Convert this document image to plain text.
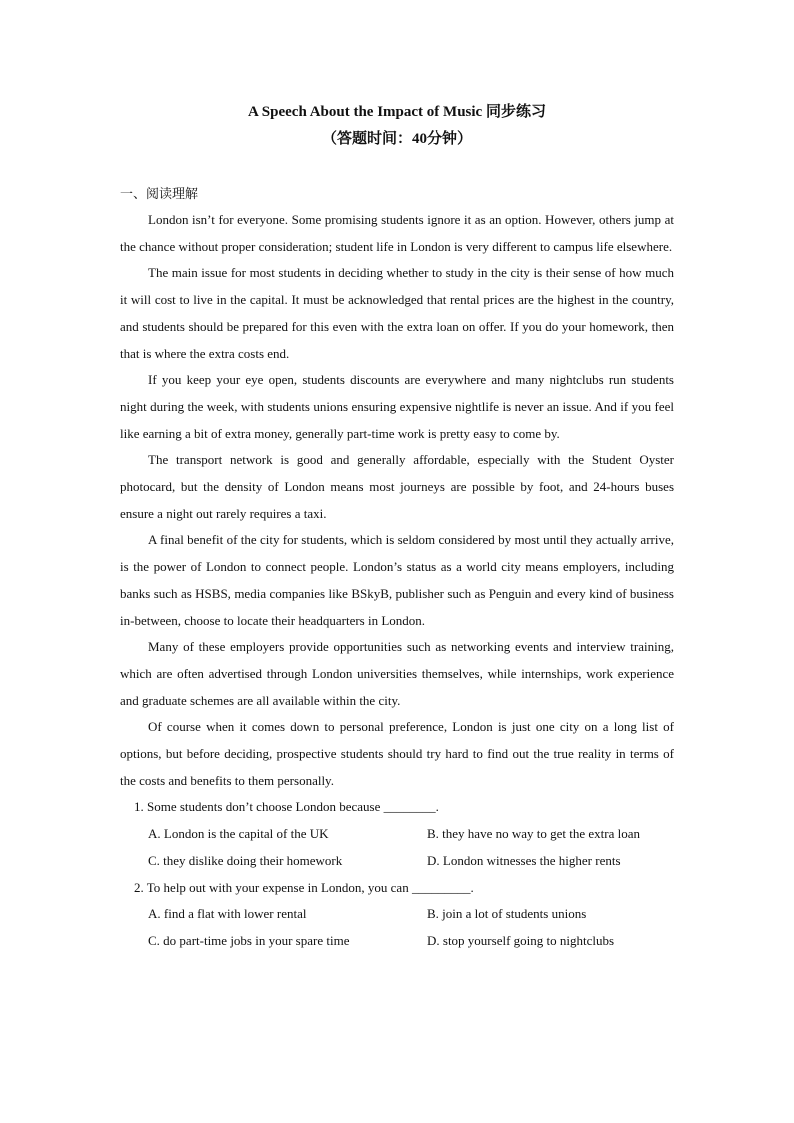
A Speech About the Impact of Music 同步练习
（答题时间：40分钟）
一、阅读理解

London isn’t for everyone. Some promising students ignore it as an option. However, others jump at the chance without proper consideration; student life in London is very different to campus life elsewhere.

The main issue for most students in deciding whether to study in the city is their sense of how much it will cost to live in the capital. It must be acknowledged that rental prices are the highest in the country, and students should be prepared for this even with the extra loan on offer. If you do your homework, then that is where the extra costs end.

If you keep your eye open, students discounts are everywhere and many nightclubs run students night during the week, with students unions ensuring expensive nightlife is never an issue. And if you feel like earning a bit of extra money, generally part-time work is pretty easy to come by.

The transport network is good and generally affordable, especially with the Student Oyster photocard, but the density of London means most journeys are possible by foot, and 24-hours buses ensure a night out rarely requires a taxi.

A final benefit of the city for students, which is seldom considered by most until they actually arrive, is the power of London to connect people. London’s status as a world city means employers, including banks such as HSBS, media companies like BSkyB, publisher such as Penguin and every kind of business in-between, choose to locate their headquarters in London.

Many of these employers provide opportunities such as networking events and interview training, which are often advertised through London universities themselves, while internships, work experience and graduate schemes are all available within the city.

Of course when it comes down to personal preference, London is just one city on a long list of options, but before deciding, prospective students should try hard to find out the true reality in terms of the costs and benefits to them personally.

1. Some students don’t choose London because ________.
A. London is the capital of the UK	B. they have no way to get the extra loan
C. they dislike doing their homework	D. London witnesses the higher rents
2. To help out with your expense in London, you can _________.
A. find a flat with lower rental	B. join a lot of students unions
C. do part-time jobs in your spare time	D. stop yourself going to nightclubs
